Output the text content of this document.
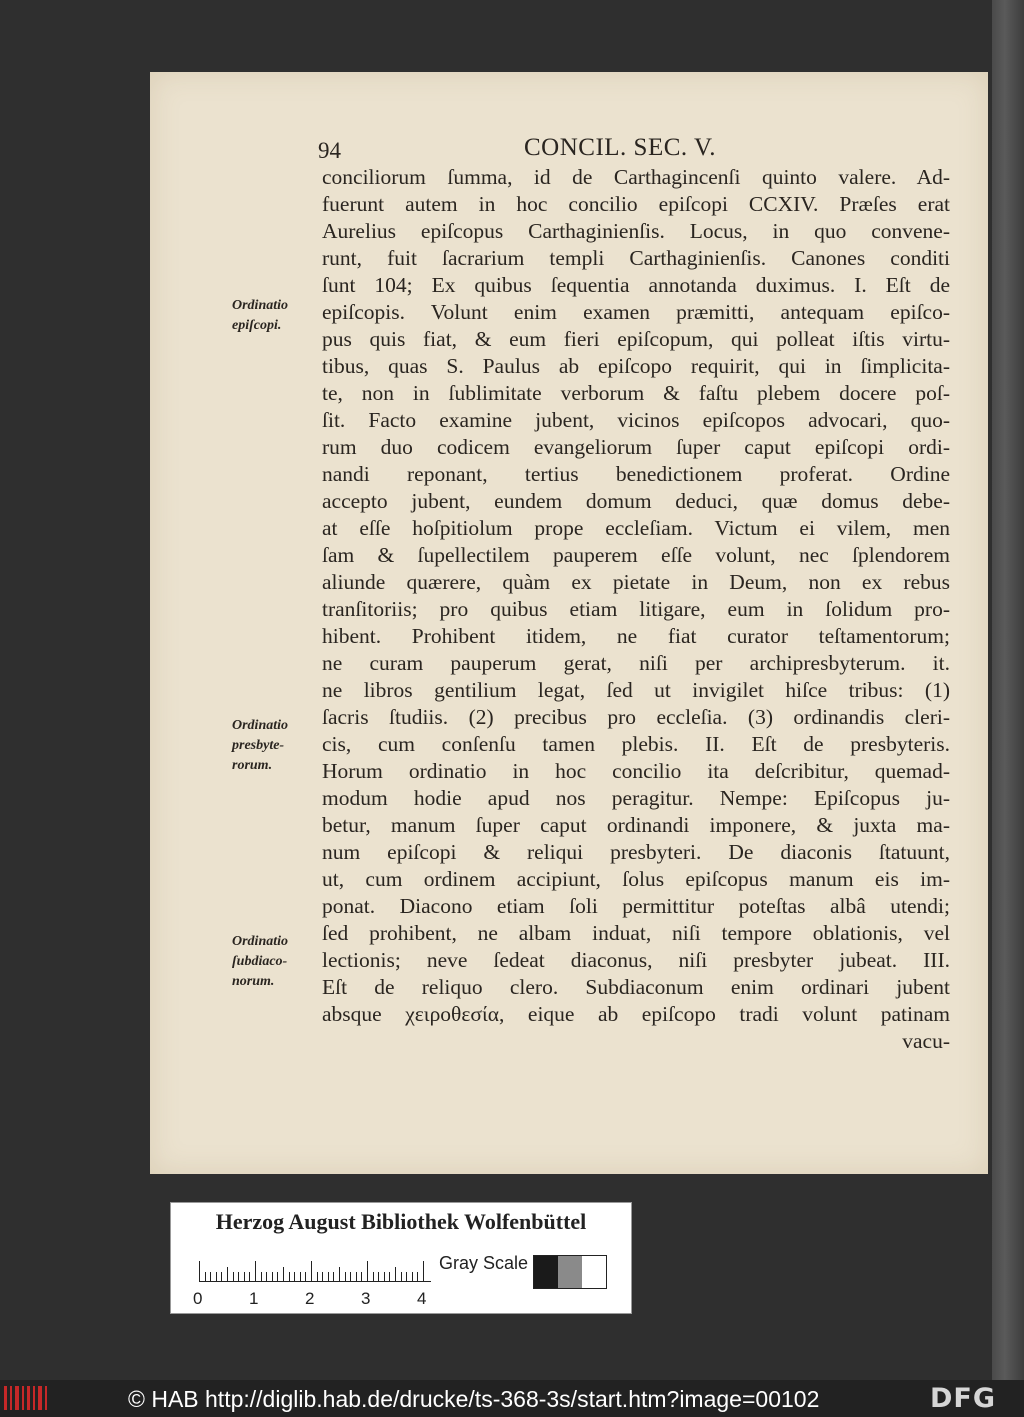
94	CONCIL. SEC. V.
conciliorum ſumma, id de Carthagincenſi quinto valere. Ad-
fuerunt autem in hoc concilio epiſcopi CCXIV. Præſes erat
Aurelius epiſcopus Carthaginienſis. Locus, in quo convene-
runt, fuit ſacrarium templi Carthaginienſis. Canones conditi
ſunt 104; Ex quibus ſequentia annotanda duximus. I. Eſt de
epiſcopis. Volunt enim examen præmitti, antequam epiſco-
pus quis fiat, & eum fieri epiſcopum, qui polleat iſtis virtu-
tibus, quas S. Paulus ab epiſcopo requirit, qui in ſimplicita-
te, non in ſublimitate verborum & faſtu plebem docere poſ-
ſit. Facto examine jubent, vicinos epiſcopos advocari, quo-
rum duo codicem evangeliorum ſuper caput epiſcopi ordi-
nandi reponant, tertius benedictionem proferat. Ordine
accepto jubent, eundem domum deduci, quæ domus debe-
at eſſe hoſpitiolum prope eccleſiam. Victum ei vilem, men
ſam & ſupellectilem pauperem eſſe volunt, nec ſplendorem
aliunde quærere, quàm ex pietate in Deum, non ex rebus
tranſitoriis; pro quibus etiam litigare, eum in ſolidum pro-
hibent. Prohibent itidem, ne fiat curator teſtamentorum;
ne curam pauperum gerat, niſi per archipresbyterum. it.
ne libros gentilium legat, ſed ut invigilet hiſce tribus: (1)
ſacris ſtudiis. (2) precibus pro eccleſia. (3) ordinandis cleri-
cis, cum conſenſu tamen plebis. II. Eſt de presbyteris.
Horum ordinatio in hoc concilio ita deſcribitur, quemad-
modum hodie apud nos peragitur. Nempe: Epiſcopus ju-
betur, manum ſuper caput ordinandi imponere, & juxta ma-
num epiſcopi & reliqui presbyteri. De diaconis ſtatuunt,
ut, cum ordinem accipiunt, ſolus epiſcopus manum eis im-
ponat. Diacono etiam ſoli permittitur poteſtas albâ utendi;
ſed prohibent, ne albam induat, niſi tempore oblationis, vel
lectionis; neve ſedeat diaconus, niſi presbyter jubeat. III.
Eſt de reliquo clero. Subdiaconum enim ordinari jubent
absque χειροθεσία, eique ab epiſcopo tradi volunt patinam
vacu-
Ordinatio epiſcopi.
Ordinatio presbyte-rorum.
Ordinatio ſubdiaco-norum.
Herzog August Bibliothek Wolfenbüttel
0	1	2	3	4
Gray Scale
© HAB http://diglib.hab.de/drucke/ts-368-3s/start.htm?image=00102	DFG
